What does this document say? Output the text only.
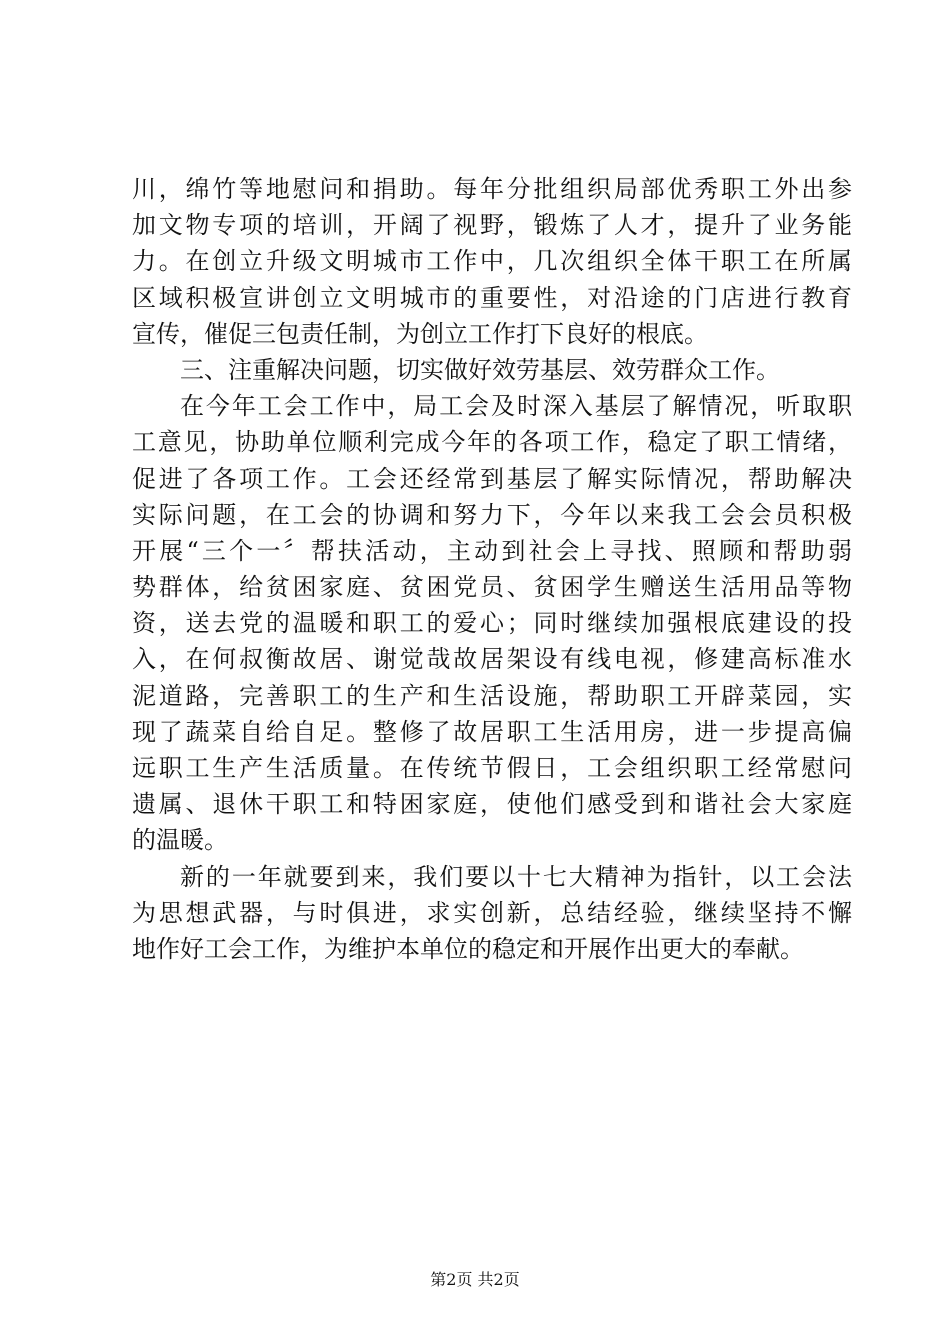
川，绵竹等地慰问和捐助。每年分批组织局部优秀职工外出参
加文物专项的培训，开阔了视野，锻炼了人才，提升了业务能
力。在创立升级文明城市工作中，几次组织全体干职工在所属
区域积极宣讲创立文明城市的重要性，对沿途的门店进行教育
宣传，催促三包责任制，为创立工作打下良好的根底。
三、注重解决问题，切实做好效劳基层、效劳群众工作。
在今年工会工作中，局工会及时深入基层了解情况，听取职
工意见，协助单位顺利完成今年的各项工作，稳定了职工情绪，
促进了各项工作。工会还经常到基层了解实际情况，帮助解决
实际问题，在工会的协调和努力下，今年以来我工会会员积极
开展“三个一〞帮扶活动，主动到社会上寻找、照顾和帮助弱
势群体，给贫困家庭、贫困党员、贫困学生赠送生活用品等物
资，送去党的温暖和职工的爱心；同时继续加强根底建设的投
入，在何叔衡故居、谢觉哉故居架设有线电视，修建高标准水
泥道路，完善职工的生产和生活设施，帮助职工开辟菜园，实
现了蔬菜自给自足。整修了故居职工生活用房，进一步提高偏
远职工生产生活质量。在传统节假日，工会组织职工经常慰问
遗属、退休干职工和特困家庭，使他们感受到和谐社会大家庭
的温暖。
新的一年就要到来，我们要以十七大精神为指针，以工会法
为思想武器，与时俱进，求实创新，总结经验，继续坚持不懈
地作好工会工作，为维护本单位的稳定和开展作出更大的奉献。
第2页 共2页
